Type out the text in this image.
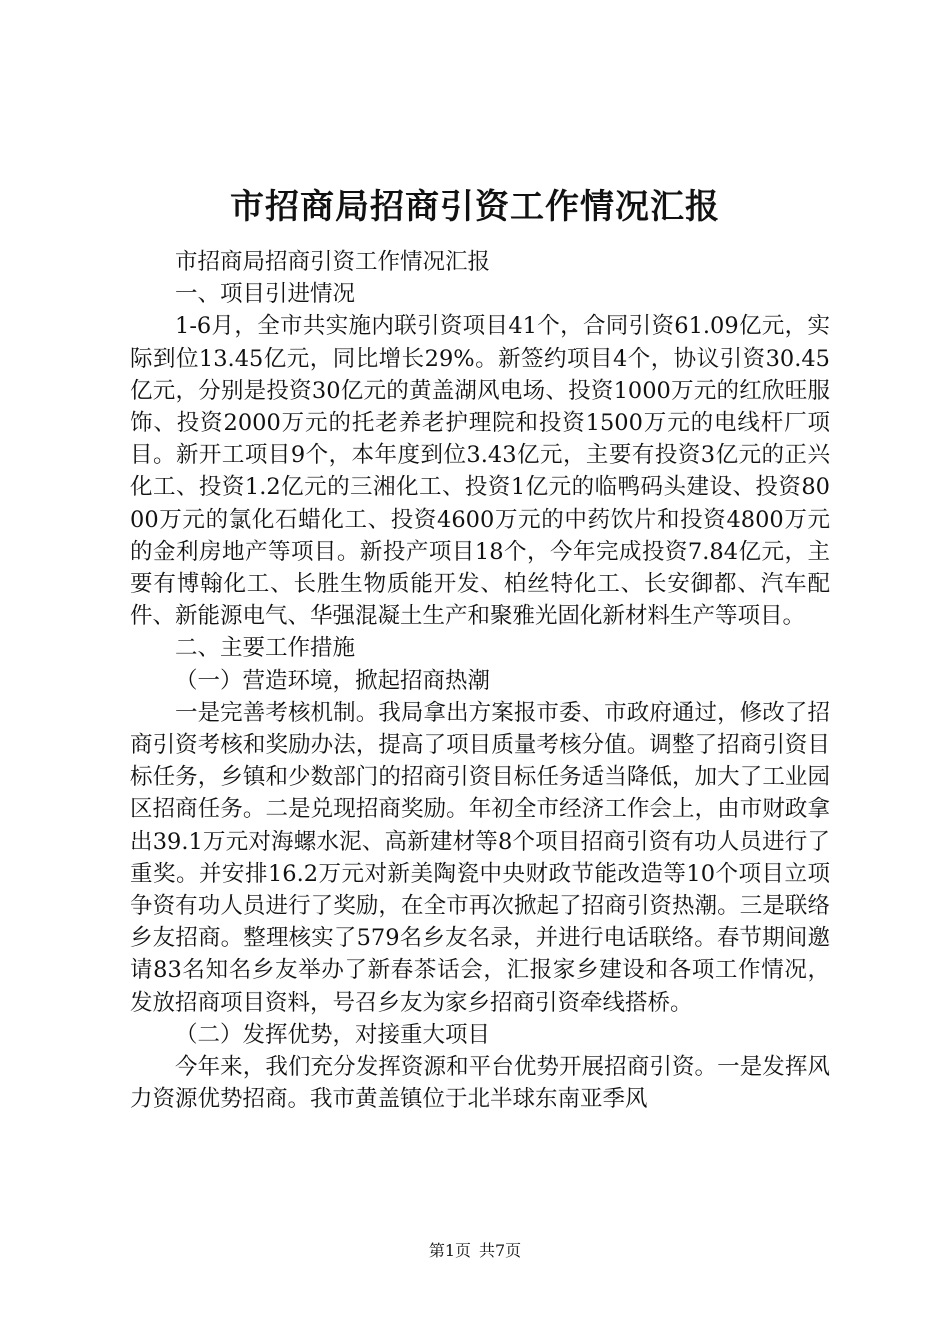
市招商局招商引资工作情况汇报

市招商局招商引资工作情况汇报

一、项目引进情况

1-6月，全市共实施内联引资项目41个，合同引资61.09亿元，实际到位13.45亿元，同比增长29%。新签约项目4个，协议引资30.45亿元，分别是投资30亿元的黄盖湖风电场、投资1000万元的红欣旺服饰、投资2000万元的托老养老护理院和投资1500万元的电线杆厂项目。新开工项目9个，本年度到位3.43亿元，主要有投资3亿元的正兴化工、投资1.2亿元的三湘化工、投资1亿元的临鸭码头建设、投资8000万元的氯化石蜡化工、投资4600万元的中药饮片和投资4800万元的金利房地产等项目。新投产项目18个，今年完成投资7.84亿元，主要有博翰化工、长胜生物质能开发、柏丝特化工、长安御都、汽车配件、新能源电气、华强混凝土生产和聚雅光固化新材料生产等项目。

二、主要工作措施

（一）营造环境，掀起招商热潮

一是完善考核机制。我局拿出方案报市委、市政府通过，修改了招商引资考核和奖励办法，提高了项目质量考核分值。调整了招商引资目标任务，乡镇和少数部门的招商引资目标任务适当降低，加大了工业园区招商任务。二是兑现招商奖励。年初全市经济工作会上，由市财政拿出39.1万元对海螺水泥、高新建材等8个项目招商引资有功人员进行了重奖。并安排16.2万元对新美陶瓷中央财政节能改造等10个项目立项争资有功人员进行了奖励，在全市再次掀起了招商引资热潮。三是联络乡友招商。整理核实了579名乡友名录，并进行电话联络。春节期间邀请83名知名乡友举办了新春茶话会，汇报家乡建设和各项工作情况，发放招商项目资料，号召乡友为家乡招商引资牵线搭桥。

（二）发挥优势，对接重大项目

今年来，我们充分发挥资源和平台优势开展招商引资。一是发挥风力资源优势招商。我市黄盖镇位于北半球东南亚季风

第1页 共7页
